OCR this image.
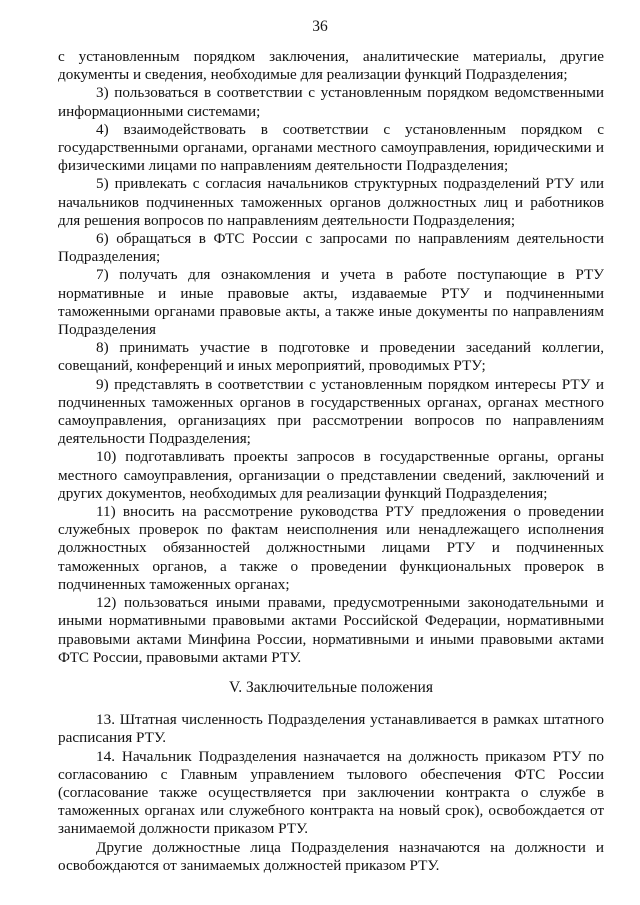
36

с установленным порядком заключения, аналитические материалы, другие документы и сведения, необходимые для реализации функций Подразделения;

3) пользоваться в соответствии с установленным порядком ведомственными информационными системами;

4) взаимодействовать в соответствии с установленным порядком с государственными органами, органами местного самоуправления, юридическими и физическими лицами по направлениям деятельности Подразделения;

5) привлекать с согласия начальников структурных подразделений РТУ или начальников подчиненных таможенных органов должностных лиц и работников для решения вопросов по направлениям деятельности Подразделения;

6) обращаться в ФТС России с запросами по направлениям деятельности Подразделения;

7) получать для ознакомления и учета в работе поступающие в РТУ нормативные и иные правовые акты, издаваемые РТУ и подчиненными таможенными органами правовые акты, а также иные документы по направлениям Подразделения

8) принимать участие в подготовке и проведении заседаний коллегии, совещаний, конференций и иных мероприятий, проводимых РТУ;

9) представлять в соответствии с установленным порядком интересы РТУ и подчиненных таможенных органов в государственных органах, органах местного самоуправления, организациях при рассмотрении вопросов по направлениям деятельности Подразделения;

10) подготавливать проекты запросов в государственные органы, органы местного самоуправления, организации о представлении сведений, заключений и других документов, необходимых для реализации функций Подразделения;

11) вносить на рассмотрение руководства РТУ предложения о проведении служебных проверок по фактам неисполнения или ненадлежащего исполнения должностных обязанностей должностными лицами РТУ и подчиненных таможенных органов, а также о проведении функциональных проверок в подчиненных таможенных органах;

12) пользоваться иными правами, предусмотренными законодательными и иными нормативными правовыми актами Российской Федерации, нормативными правовыми актами Минфина России, нормативными и иными правовыми актами ФТС России, правовыми актами РТУ.

V. Заключительные положения

13. Штатная численность Подразделения устанавливается в рамках штатного расписания РТУ.

14. Начальник Подразделения назначается на должность приказом РТУ по согласованию с Главным управлением тылового обеспечения ФТС России (согласование также осуществляется при заключении контракта о службе в таможенных органах или служебного контракта на новый срок), освобождается от занимаемой должности приказом РТУ.

Другие должностные лица Подразделения назначаются на должности и освобождаются от занимаемых должностей приказом РТУ.
